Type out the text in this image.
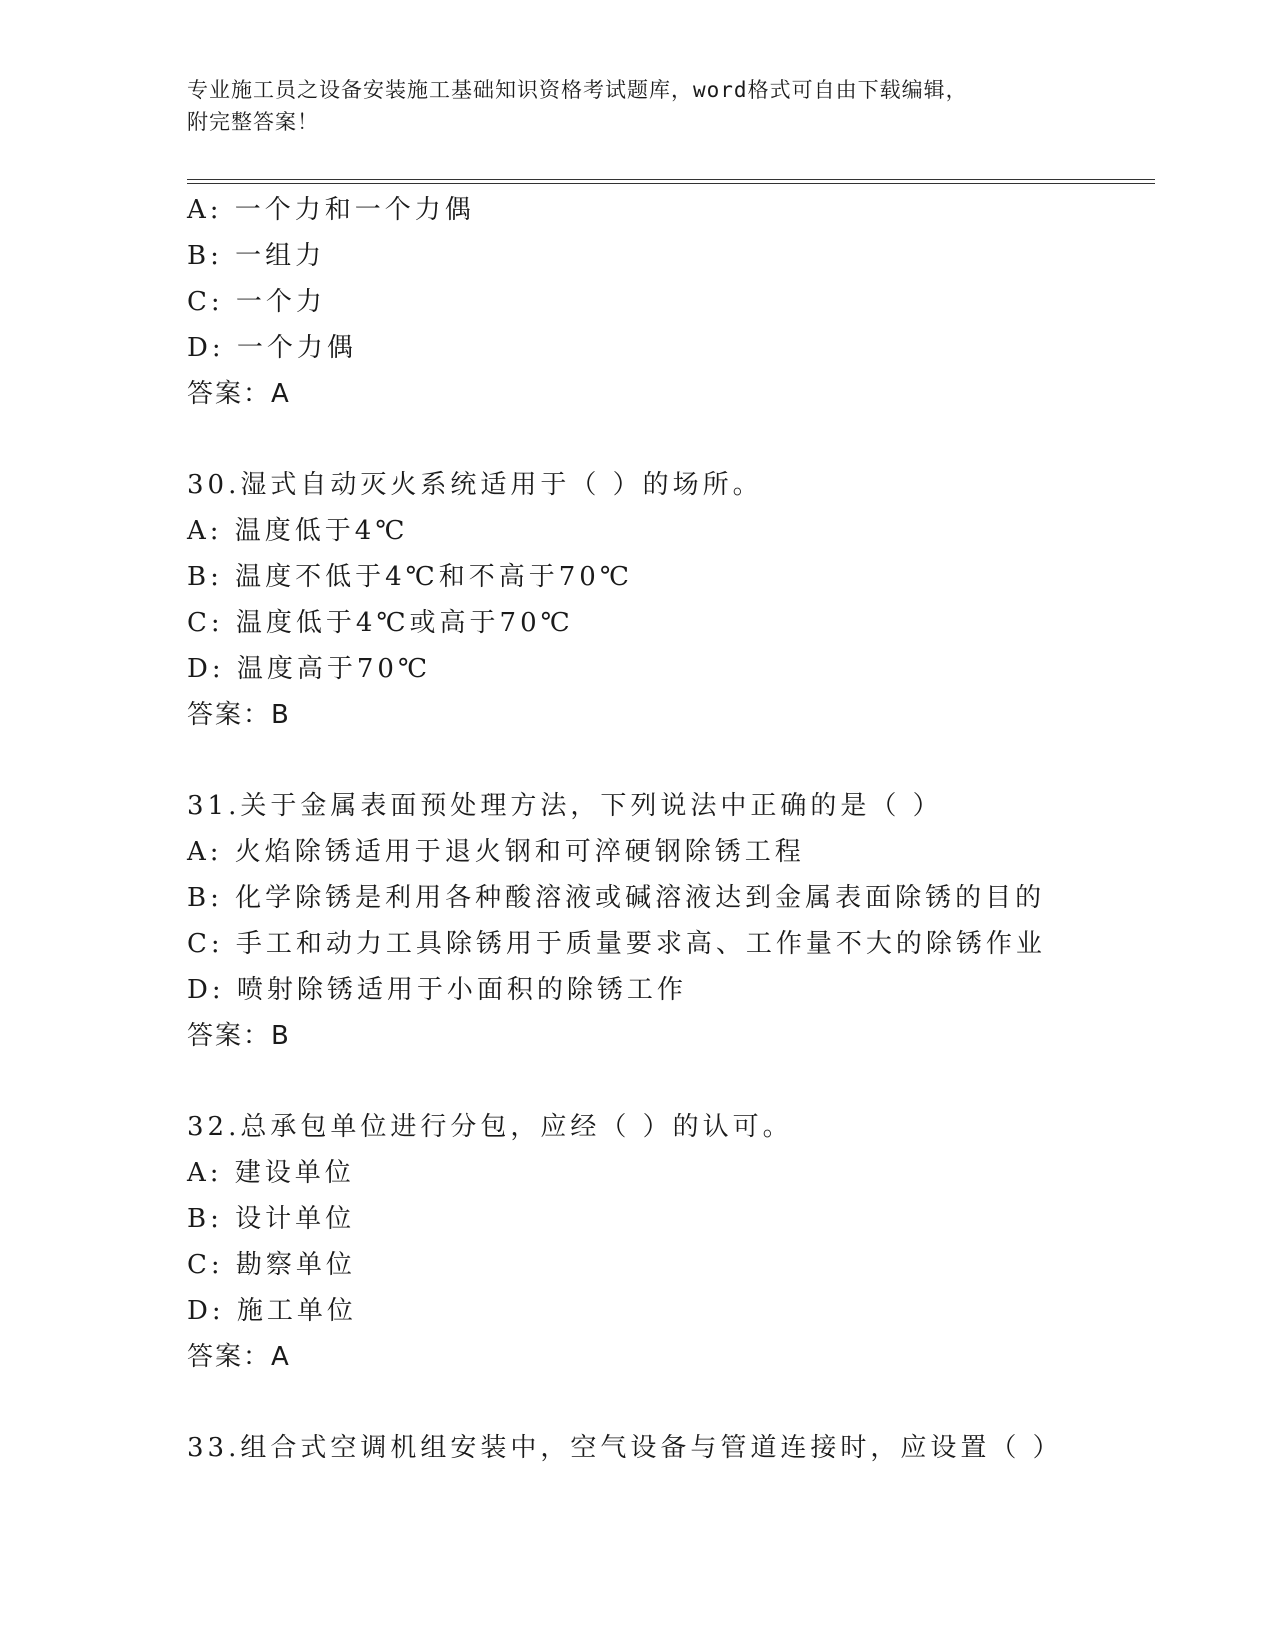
专业施工员之设备安装施工基础知识资格考试题库，word格式可自由下载编辑，
附完整答案！
A: 一个力和一个力偶
B: 一组力
C: 一个力
D: 一个力偶
答案：A
30.湿式自动灭火系统适用于（ ）的场所。
A: 温度低于4℃
B: 温度不低于4℃和不高于70℃
C: 温度低于4℃或高于70℃
D: 温度高于70℃
答案：B
31.关于金属表面预处理方法，下列说法中正确的是（ ）
A: 火焰除锈适用于退火钢和可淬硬钢除锈工程
B: 化学除锈是利用各种酸溶液或碱溶液达到金属表面除锈的目的
C: 手工和动力工具除锈用于质量要求高、工作量不大的除锈作业
D: 喷射除锈适用于小面积的除锈工作
答案：B
32.总承包单位进行分包，应经（ ）的认可。
A: 建设单位
B: 设计单位
C: 勘察单位
D: 施工单位
答案：A
33.组合式空调机组安装中，空气设备与管道连接时，应设置（ ）
